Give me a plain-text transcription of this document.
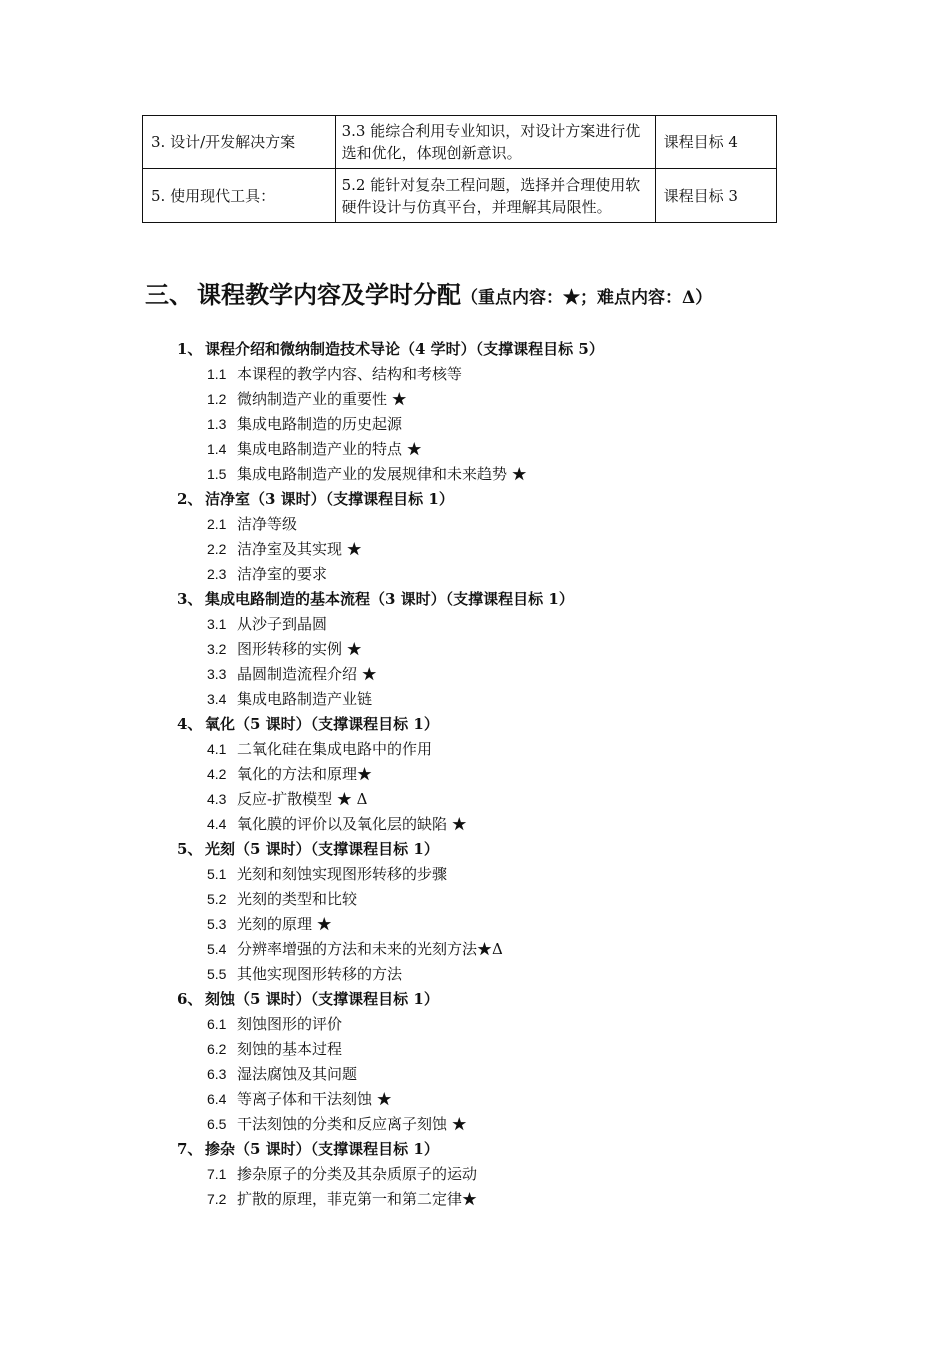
3. 设计/开发解决方案	3.3 能综合利用专业知识，对设计方案进行优选和优化，体现创新意识。	课程目标 4
5. 使用现代工具：	5.2 能针对复杂工程问题，选择并合理使用软硬件设计与仿真平台，并理解其局限性。	课程目标 3
三、 课程教学内容及学时分配（重点内容：★；难点内容：Δ）
1、 课程介绍和微纳制造技术导论（4 学时）（支撑课程目标 5）
1.1 本课程的教学内容、结构和考核等
1.2 微纳制造产业的重要性 ★
1.3 集成电路制造的历史起源
1.4 集成电路制造产业的特点 ★
1.5 集成电路制造产业的发展规律和未来趋势 ★
2、 洁净室（3 课时）（支撑课程目标 1）
2.1 洁净等级
2.2 洁净室及其实现 ★
2.3 洁净室的要求
3、 集成电路制造的基本流程（3 课时）（支撑课程目标 1）
3.1 从沙子到晶圆
3.2 图形转移的实例 ★
3.3 晶圆制造流程介绍 ★
3.4 集成电路制造产业链
4、 氧化（5 课时）（支撑课程目标 1）
4.1 二氧化硅在集成电路中的作用
4.2 氧化的方法和原理★
4.3 反应-扩散模型 ★ Δ
4.4 氧化膜的评价以及氧化层的缺陷 ★
5、 光刻（5 课时）（支撑课程目标 1）
5.1 光刻和刻蚀实现图形转移的步骤
5.2 光刻的类型和比较
5.3 光刻的原理 ★
5.4 分辨率增强的方法和未来的光刻方法★Δ
5.5 其他实现图形转移的方法
6、 刻蚀（5 课时）（支撑课程目标 1）
6.1 刻蚀图形的评价
6.2 刻蚀的基本过程
6.3 湿法腐蚀及其问题
6.4 等离子体和干法刻蚀 ★
6.5 干法刻蚀的分类和反应离子刻蚀 ★
7、 掺杂（5 课时）（支撑课程目标 1）
7.1 掺杂原子的分类及其杂质原子的运动
7.2 扩散的原理，菲克第一和第二定律★
